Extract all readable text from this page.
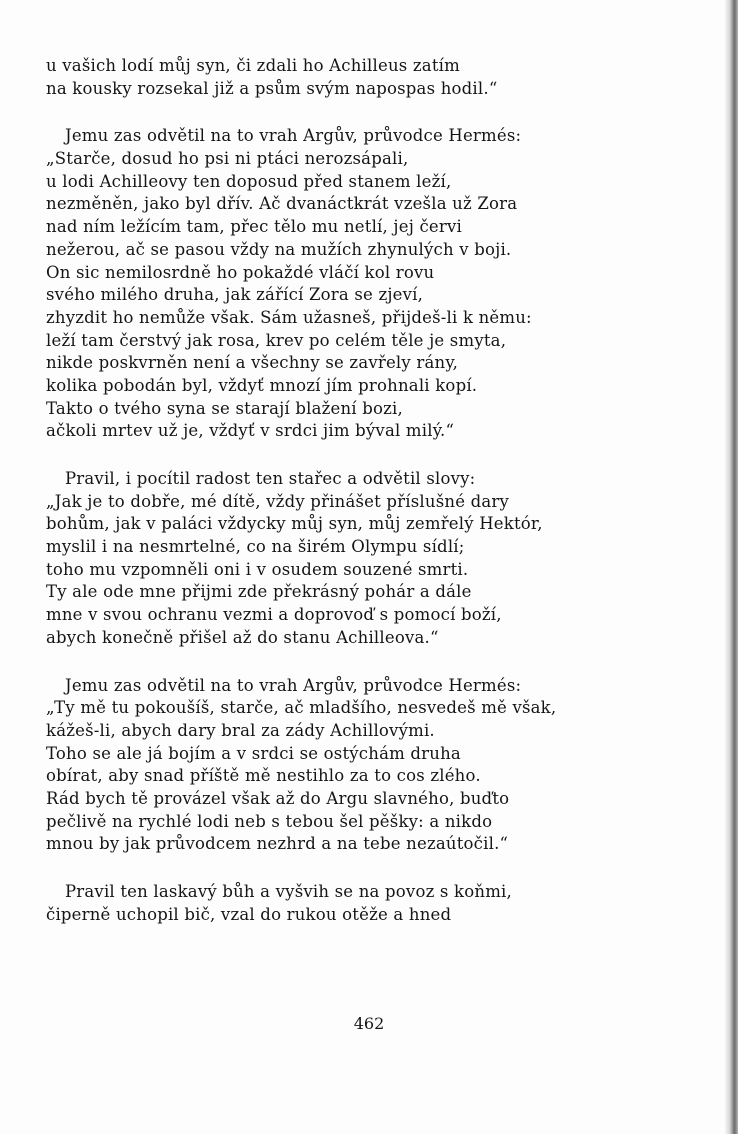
u vašich lodí můj syn, či zdali ho Achilleus zatím
na kousky rozsekal již a psům svým napospas hodil.“
Jemu zas odvětil na to vrah Argův, průvodce Hermés:
„Starče, dosud ho psi ni ptáci nerozsápali,
u lodi Achilleovy ten doposud před stanem leží,
nezměněn, jako byl dřív. Ač dvanáctkrát vzešla už Zora
nad ním ležícím tam, přec tělo mu netlí, jej červi
nežerou, ač se pasou vždy na mužích zhynulých v boji.
On sic nemilosrdně ho pokaždé vláčí kol rovu
svého milého druha, jak zářící Zora se zjeví,
zhyzdit ho nemůže však. Sám užasneš, přijdeš-li k němu:
leží tam čerstvý jak rosa, krev po celém těle je smyta,
nikde poskvrněn není a všechny se zavřely rány,
kolika pobodán byl, vždyť mnozí jím prohnali kopí.
Takto o tvého syna se starají blažení bozi,
ačkoli mrtev už je, vždyť v srdci jim býval milý.“
Pravil, i pocítil radost ten stařec a odvětil slovy:
„Jak je to dobře, mé dítě, vždy přinášet příslušné dary
bohům, jak v paláci vždycky můj syn, můj zemřelý Hektór,
myslil i na nesmrtelné, co na širém Olympu sídlí;
toho mu vzpomněli oni i v osudem souzené smrti.
Ty ale ode mne přijmi zde překrásný pohár a dále
mne v svou ochranu vezmi a doprovoď s pomocí boží,
abych konečně přišel až do stanu Achilleova.“
Jemu zas odvětil na to vrah Argův, průvodce Hermés:
„Ty mě tu pokoušíš, starče, ač mladšího, nesvedeš mě však,
kážeš-li, abych dary bral za zády Achillovými.
Toho se ale já bojím a v srdci se ostýchám druha
obírat, aby snad příště mě nestihlo za to cos zlého.
Rád bych tě provázel však až do Argu slavného, buďto
pečlivě na rychlé lodi neb s tebou šel pěšky: a nikdo
mnou by jak průvodcem nezhrd a na tebe nezaútočil.“
Pravil ten laskavý bůh a vyšvih se na povoz s koňmi,
čiperně uchopil bič, vzal do rukou otěže a hned
462
